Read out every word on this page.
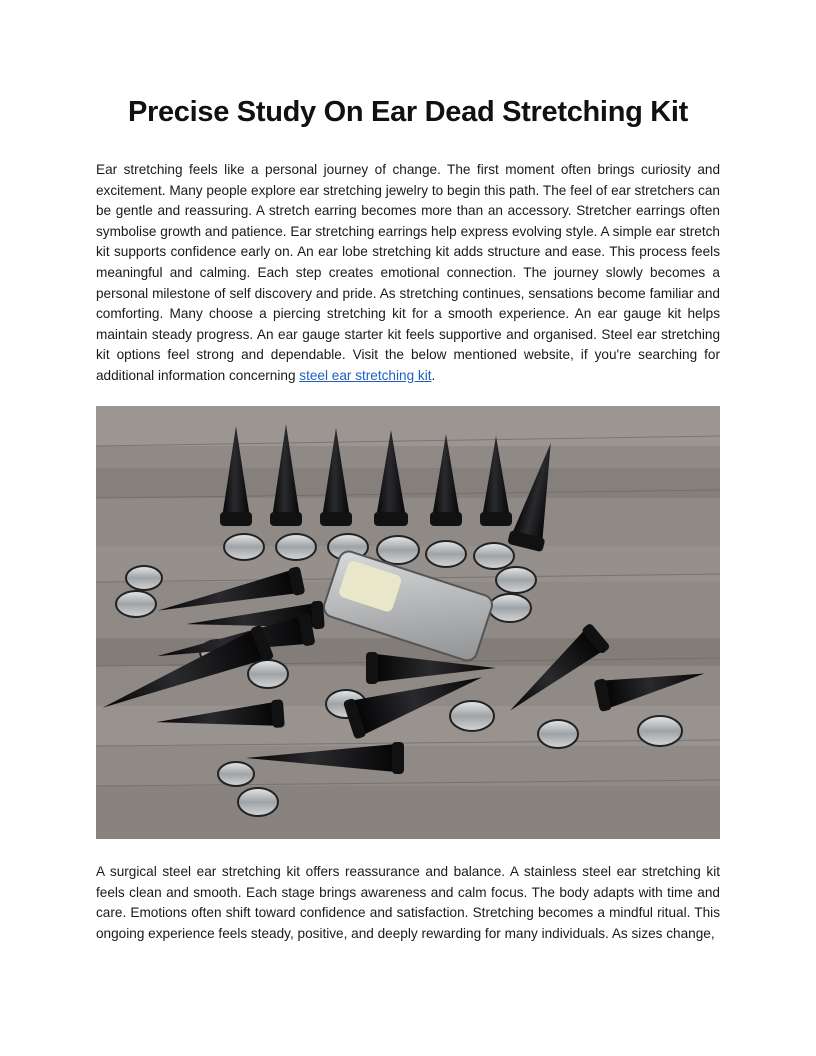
Precise Study On Ear Dead Stretching Kit

Ear stretching feels like a personal journey of change. The first moment often brings curiosity and excitement. Many people explore ear stretching jewelry to begin this path. The feel of ear stretchers can be gentle and reassuring. A stretch earring becomes more than an accessory. Stretcher earrings often symbolise growth and patience. Ear stretching earrings help express evolving style. A simple ear stretch kit supports confidence early on. An ear lobe stretching kit adds structure and ease. This process feels meaningful and calming. Each step creates emotional connection. The journey slowly becomes a personal milestone of self discovery and pride. As stretching continues, sensations become familiar and comforting. Many choose a piercing stretching kit for a smooth experience. An ear gauge kit helps maintain steady progress. An ear gauge starter kit feels supportive and organised. Steel ear stretching kit options feel strong and dependable. Visit the below mentioned website, if you're searching for additional information concerning steel ear stretching kit.

A surgical steel ear stretching kit offers reassurance and balance. A stainless steel ear stretching kit feels clean and smooth. Each stage brings awareness and calm focus. The body adapts with time and care. Emotions often shift toward confidence and satisfaction. Stretching becomes a mindful ritual. This ongoing experience feels steady, positive, and deeply rewarding for many individuals. As sizes change,
